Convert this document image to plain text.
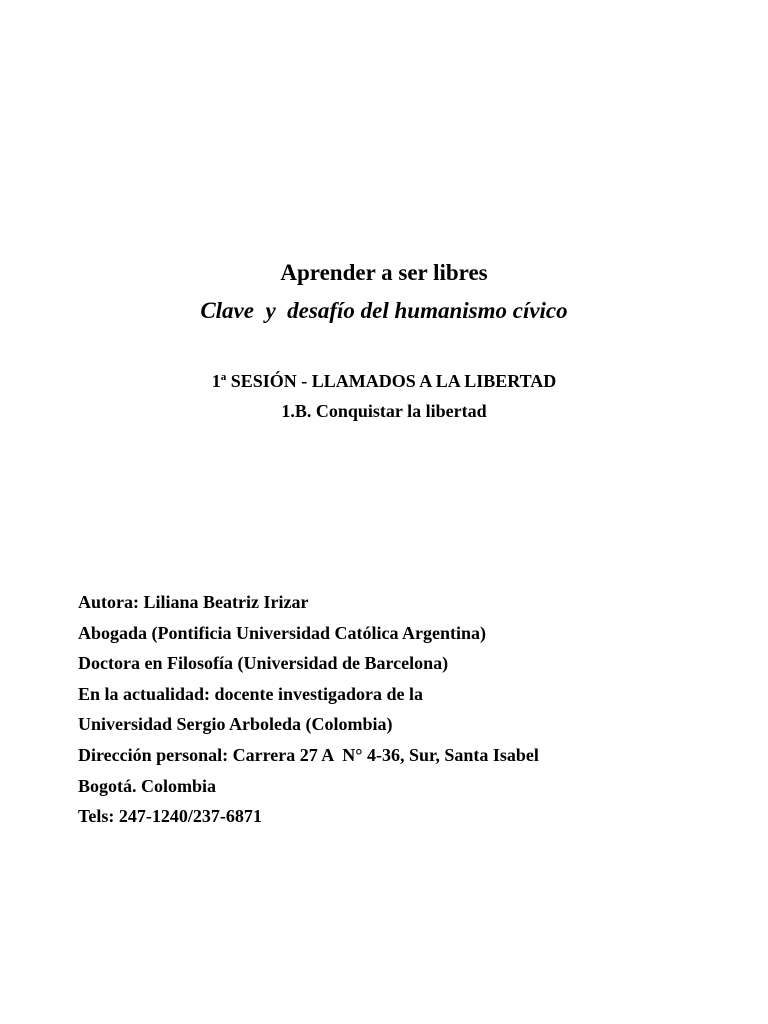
Aprender a ser libres

Clave  y  desafío del humanismo cívico

1$^a$ SESIÓN - LLAMADOS A LA LIBERTAD

1.B. Conquistar la libertad

Autora: Liliana Beatriz Irizar

Abogada (Pontificia Universidad Católica Argentina)

Doctora en Filosofía (Universidad de Barcelona)

En la actualidad: docente investigadora de la

Universidad Sergio Arboleda (Colombia)

Dirección personal: Carrera 27 A  N° 4-36, Sur, Santa Isabel

Bogotá. Colombia

Tels: 247-1240/237-6871
